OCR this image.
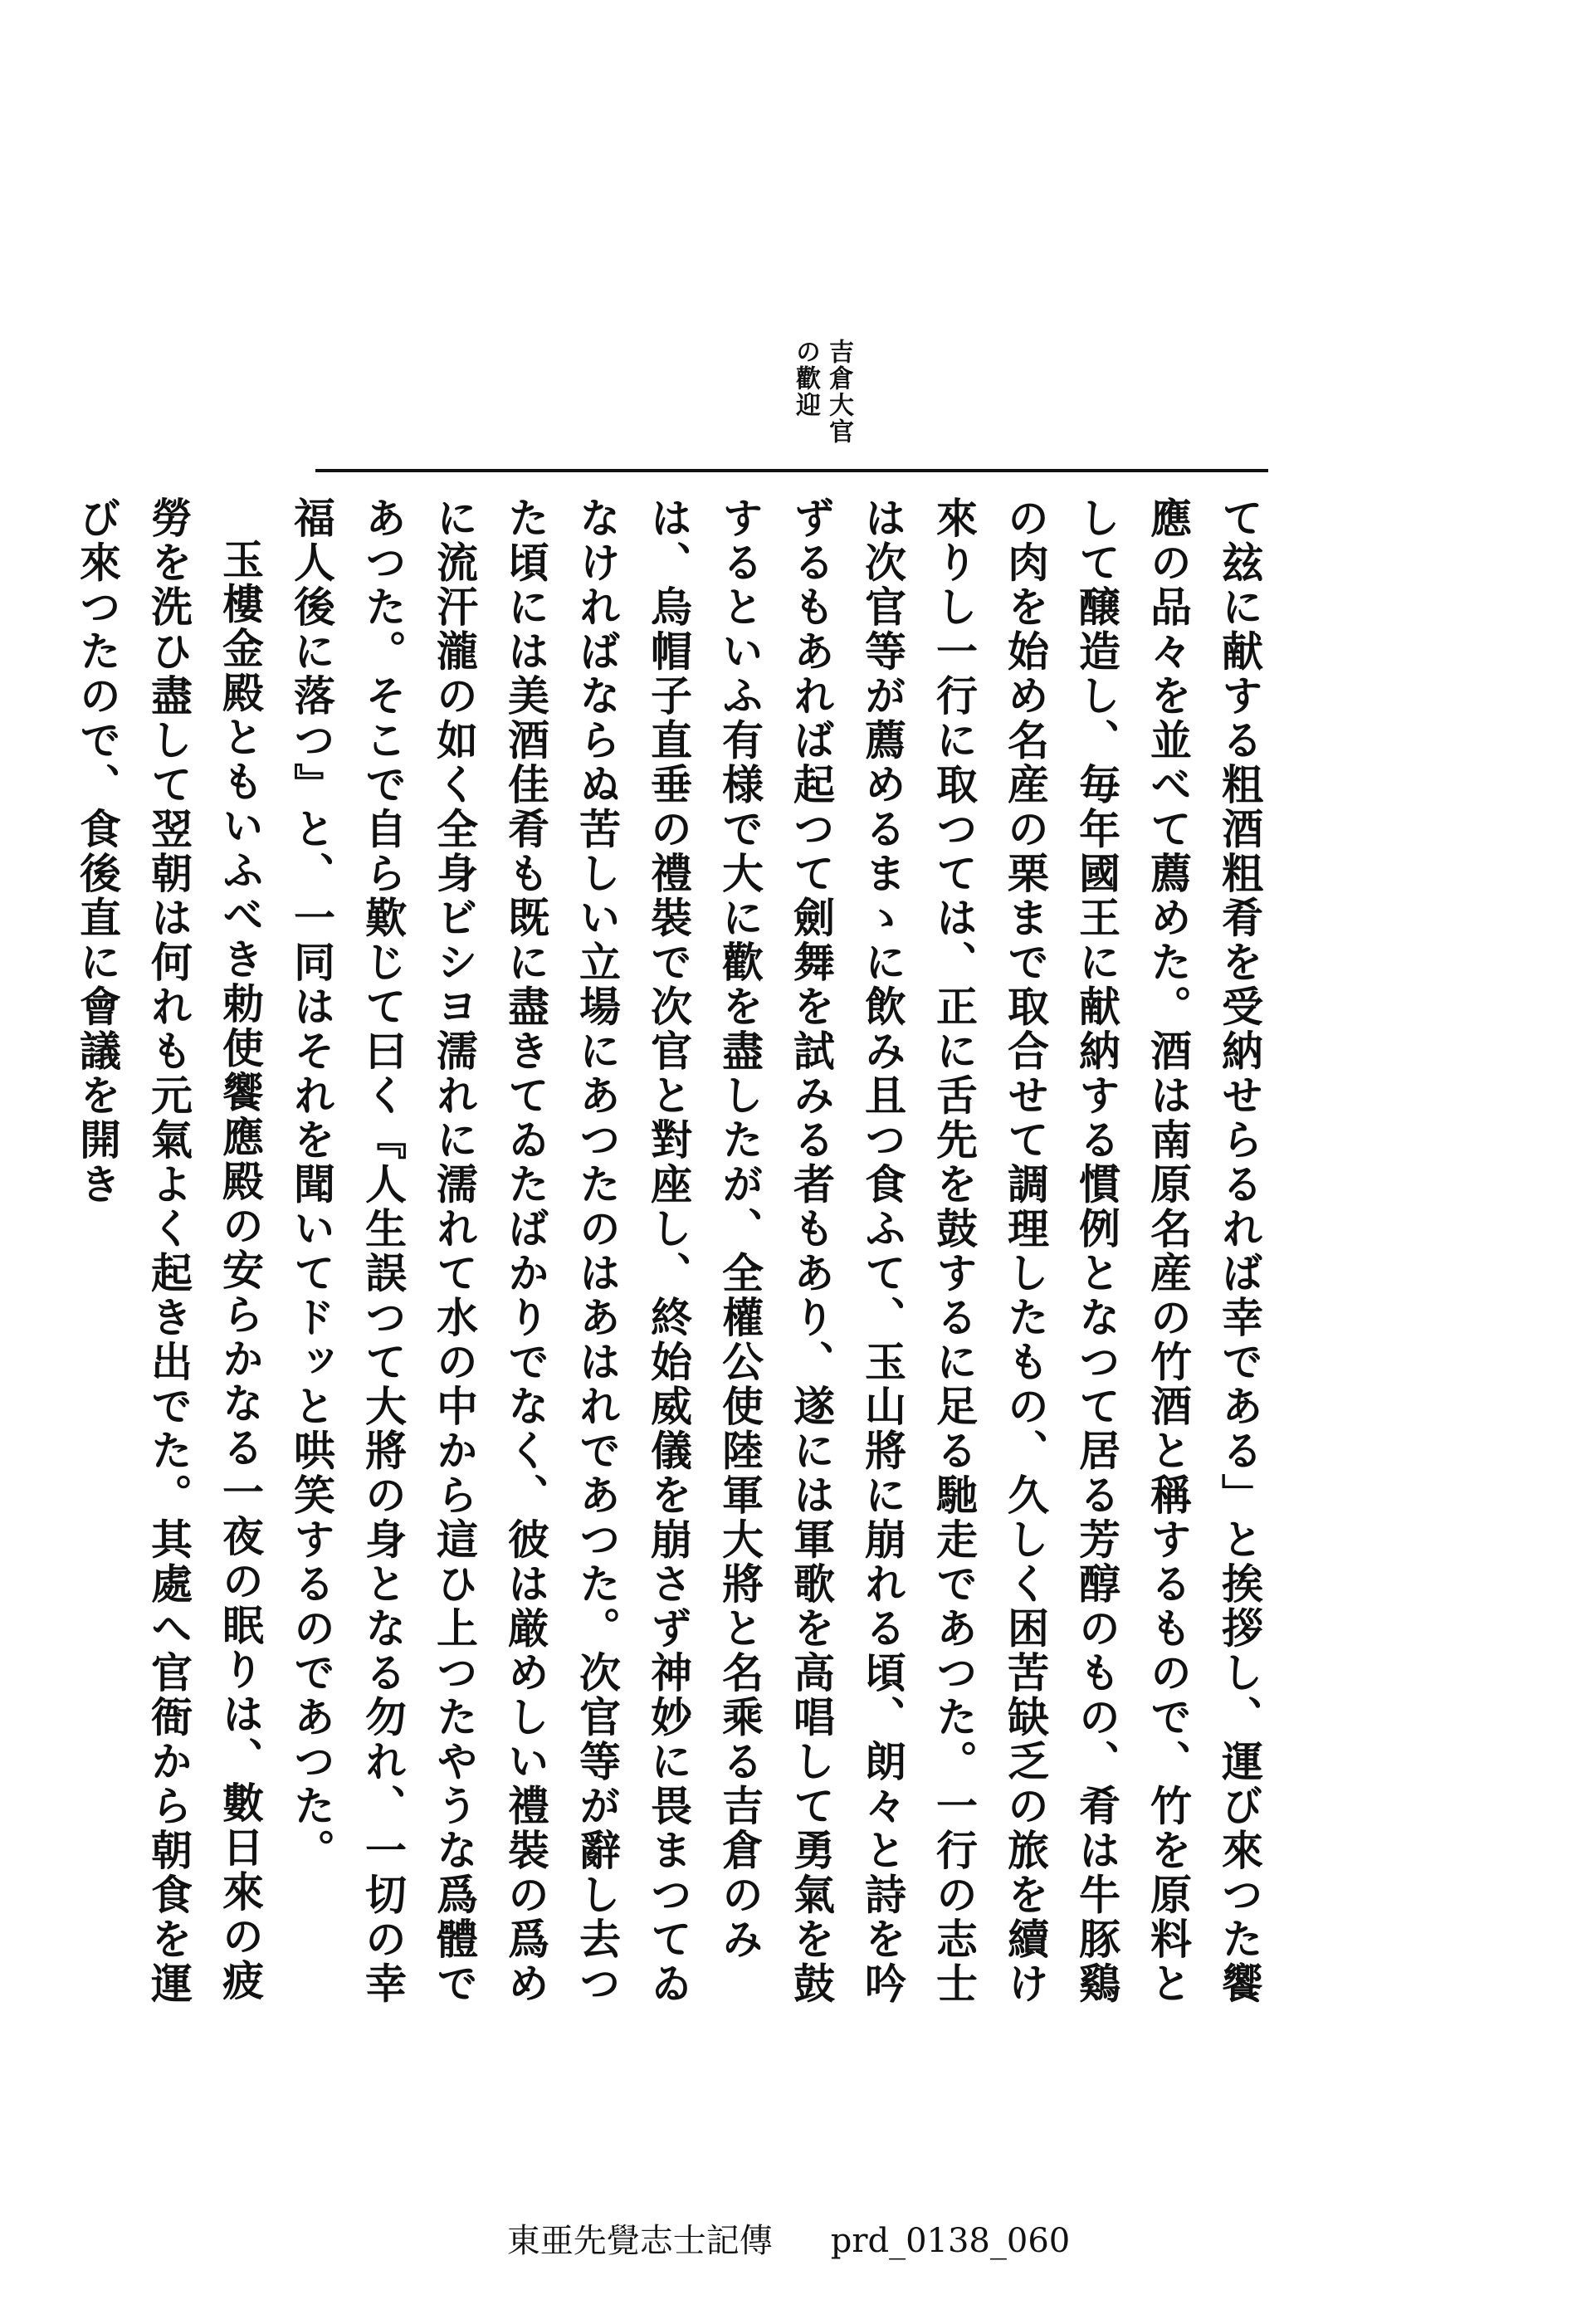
吉倉大官
の歡迎

て玆に献する粗酒粗肴を受納せらるれば幸である」と挨拶し、運び來つた饗應の品々を並べて薦めた。酒は南原名産の竹酒と稱するもので、竹を原料として醸造し、毎年國王に献納する慣例となつて居る芳醇のもの、肴は牛豚鷄の肉を始め名産の栗まで取合せて調理したもの、久しく困苦缺乏の旅を續け來りし一行に取つては、正に舌先を鼓するに足る馳走であつた。一行の志士は次官等が薦めるまゝに飲み且つ食ふて、玉山將に崩れる頃、朗々と詩を吟ずるもあれば起つて劍舞を試みる者もあり、遂には軍歌を高唱して勇氣を鼓するといふ有様で大に歡を盡したが、全權公使陸軍大將と名乘る吉倉のみは、烏帽子直垂の禮裝で次官と對座し、終始威儀を崩さず神妙に畏まつてゐなければならぬ苦しい立場にあつたのはあはれであつた。次官等が辭し去つた頃には美酒佳肴も既に盡きてゐたばかりでなく、彼は厳めしい禮裝の爲めに流汗瀧の如く全身ビシヨ濡れに濡れて水の中から這ひ上つたやうな爲體であつた。そこで自ら歎じて曰く『人生誤つて大將の身となる勿れ、一切の幸福人後に落つ』と、一同はそれを聞いてドッと哄笑するのであつた。

玉樓金殿ともいふべき勅使饗應殿の安らかなる一夜の眠りは、數日來の疲勞を洗ひ盡して翌朝は何れも元氣よく起き出でた。其處へ官衙から朝食を運び來つたので、食後直に會議を開き

東亜先覺志士記傳 prd_0138_060
